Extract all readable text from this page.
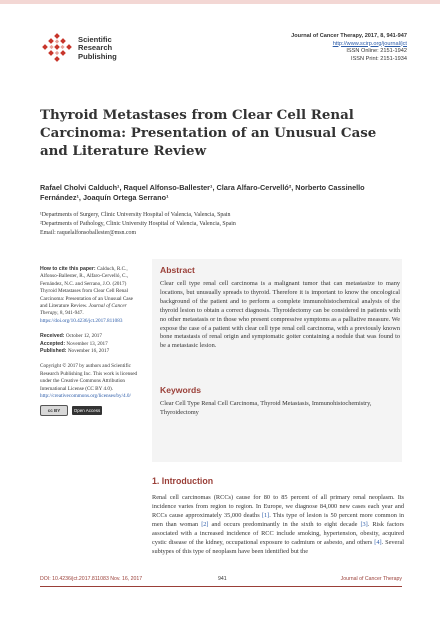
Scientific
Research
Publishing
Journal of Cancer Therapy, 2017, 8, 941-947
http://www.scirp.org/journal/jct
ISSN Online: 2151-1942
ISSN Print: 2151-1934
Thyroid Metastases from Clear Cell Renal Carcinoma: Presentation of an Unusual Case and Literature Review
Rafael Cholvi Calduch¹, Raquel Alfonso-Ballester¹, Clara Alfaro-Cervelló², Norberto Cassinello Fernández¹, Joaquín Ortega Serrano¹
¹Departments of Surgery, Clinic University Hospital of Valencia, Valencia, Spain
²Departments of Pathology, Clinic University Hospital of Valencia, Valencia, Spain
Email: raquelalfonsoballester@msn.com
How to cite this paper: Calduch, R.C., Alfonso-Ballester, R., Alfaro-Cervelló, C., Fernández, N.C. and Serrano, J.O. (2017) Thyroid Metastases from Clear Cell Renal Carcinoma: Presentation of an Unusual Case and Literature Review. Journal of Cancer Therapy, 8, 941-947.
https://doi.org/10.4236/jct.2017.811083
Received: October 12, 2017
Accepted: November 13, 2017
Published: November 16, 2017
Copyright © 2017 by authors and Scientific Research Publishing Inc. This work is licensed under the Creative Commons Attribution International License (CC BY 4.0).
http://creativecommons.org/licenses/by/4.0/
cc BY	Open Access
Abstract

Clear cell type renal cell carcinoma is a malignant tumor that can metastasize to many locations, but unusually spreads to thyroid. Therefore it is important to know the oncological background of the patient and to perform a complete immunohistochemical analysis of the thyroid lesion to obtain a correct diagnosis. Thyroidectomy can be considered in patients with no other metastasis or in those who present compressive symptoms as a palliative measure. We expose the case of a patient with clear cell type renal cell carcinoma, with a previously known bone metastasis of renal origin and symptomatic goiter containing a nodule that was found to be a metastasic lesion.

Keywords

Clear Cell Type Renal Cell Carcinoma, Thyroid Metastasis, Immunohistochemistry, Thyroidectomy

1. Introduction

Renal cell carcinomas (RCCs) cause for 80 to 85 percent of all primary renal neoplasm. Its incidence varies from region to region. In Europe, we diagnose 84,000 new cases each year and RCCs cause approximately 35,000 deaths [1]. This type of lesion is 50 percent more common in men than woman [2] and occurs predominantly in the sixth to eight decade [3]. Risk factors associated with a increased incidence of RCC include smoking, hypertension, obesity, acquired cystic disease of the kidney, occupational exposure to cadmium or asbesto, and others [4]. Several subtypes of this type of neoplasm have been identified but the

DOI: 10.4236/jct.2017.811083 Nov. 16, 2017	941	Journal of Cancer Therapy
